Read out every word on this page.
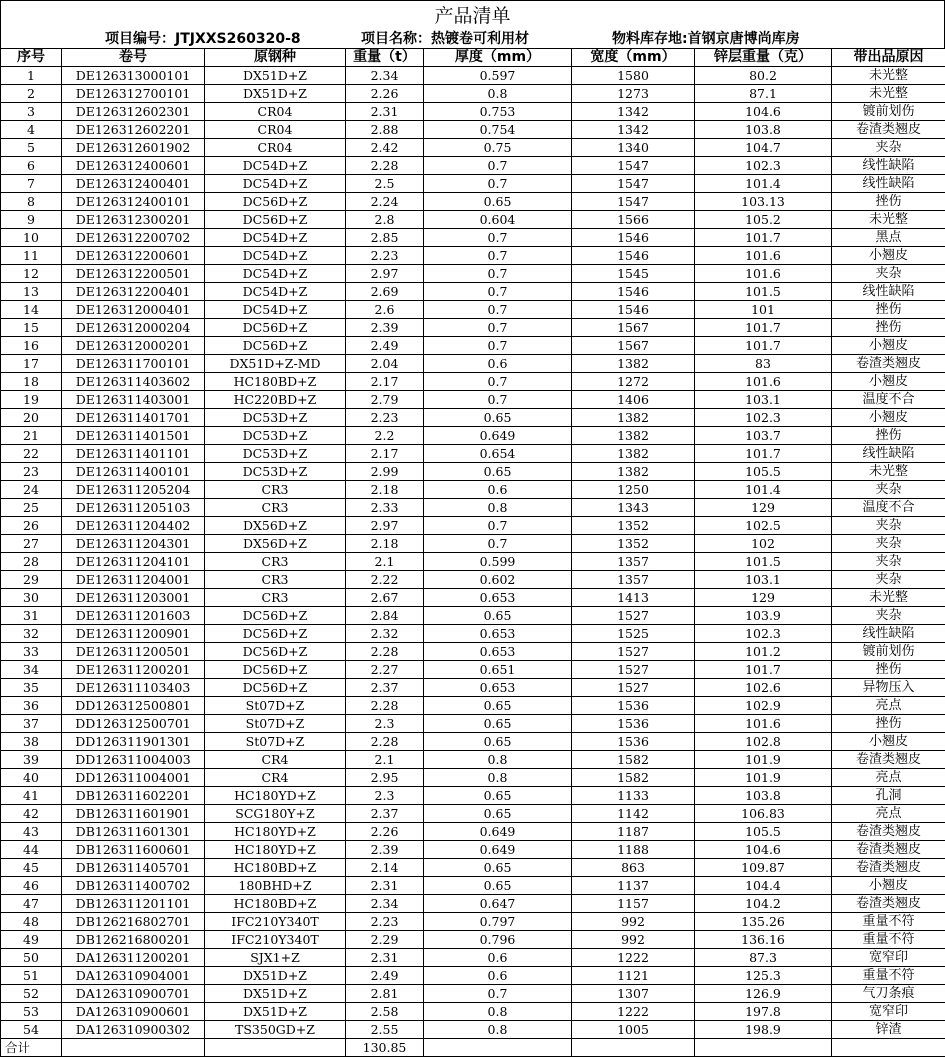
产品清单
项目编号：JTJXXS260320-8	项目名称：热镀卷可利用材	物料库存地:首钢京唐博尚库房
序号	卷号	原钢种	重量（t）	厚度（mm）	宽度（mm）	锌层重量（克）	带出品原因
1	DE126313000101	DX51D+Z	2.34	0.597	1580	80.2	未光整
2	DE126312700101	DX51D+Z	2.26	0.8	1273	87.1	未光整
3	DE126312602301	CR04	2.31	0.753	1342	104.6	镀前划伤
4	DE126312602201	CR04	2.88	0.754	1342	103.8	卷渣类翘皮
5	DE126312601902	CR04	2.42	0.75	1340	104.7	夹杂
6	DE126312400601	DC54D+Z	2.28	0.7	1547	102.3	线性缺陷
7	DE126312400401	DC54D+Z	2.5	0.7	1547	101.4	线性缺陷
8	DE126312400101	DC56D+Z	2.24	0.65	1547	103.13	挫伤
9	DE126312300201	DC56D+Z	2.8	0.604	1566	105.2	未光整
10	DE126312200702	DC54D+Z	2.85	0.7	1546	101.7	黑点
11	DE126312200601	DC54D+Z	2.23	0.7	1546	101.6	小翘皮
12	DE126312200501	DC54D+Z	2.97	0.7	1545	101.6	夹杂
13	DE126312200401	DC54D+Z	2.69	0.7	1546	101.5	线性缺陷
14	DE126312000401	DC54D+Z	2.6	0.7	1546	101	挫伤
15	DE126312000204	DC56D+Z	2.39	0.7	1567	101.7	挫伤
16	DE126312000201	DC56D+Z	2.49	0.7	1567	101.7	小翘皮
17	DE126311700101	DX51D+Z-MD	2.04	0.6	1382	83	卷渣类翘皮
18	DE126311403602	HC180BD+Z	2.17	0.7	1272	101.6	小翘皮
19	DE126311403001	HC220BD+Z	2.79	0.7	1406	103.1	温度不合
20	DE126311401701	DC53D+Z	2.23	0.65	1382	102.3	小翘皮
21	DE126311401501	DC53D+Z	2.2	0.649	1382	103.7	挫伤
22	DE126311401101	DC53D+Z	2.17	0.654	1382	101.7	线性缺陷
23	DE126311400101	DC53D+Z	2.99	0.65	1382	105.5	未光整
24	DE126311205204	CR3	2.18	0.6	1250	101.4	夹杂
25	DE126311205103	CR3	2.33	0.8	1343	129	温度不合
26	DE126311204402	DX56D+Z	2.97	0.7	1352	102.5	夹杂
27	DE126311204301	DX56D+Z	2.18	0.7	1352	102	夹杂
28	DE126311204101	CR3	2.1	0.599	1357	101.5	夹杂
29	DE126311204001	CR3	2.22	0.602	1357	103.1	夹杂
30	DE126311203001	CR3	2.67	0.653	1413	129	未光整
31	DE126311201603	DC56D+Z	2.84	0.65	1527	103.9	夹杂
32	DE126311200901	DC56D+Z	2.32	0.653	1525	102.3	线性缺陷
33	DE126311200501	DC56D+Z	2.28	0.653	1527	101.2	镀前划伤
34	DE126311200201	DC56D+Z	2.27	0.651	1527	101.7	挫伤
35	DE126311103403	DC56D+Z	2.37	0.653	1527	102.6	异物压入
36	DD126312500801	St07D+Z	2.28	0.65	1536	102.9	亮点
37	DD126312500701	St07D+Z	2.3	0.65	1536	101.6	挫伤
38	DD126311901301	St07D+Z	2.28	0.65	1536	102.8	小翘皮
39	DD126311004003	CR4	2.1	0.8	1582	101.9	卷渣类翘皮
40	DD126311004001	CR4	2.95	0.8	1582	101.9	亮点
41	DB126311602201	HC180YD+Z	2.3	0.65	1133	103.8	孔洞
42	DB126311601901	SCG180Y+Z	2.37	0.65	1142	106.83	亮点
43	DB126311601301	HC180YD+Z	2.26	0.649	1187	105.5	卷渣类翘皮
44	DB126311600601	HC180YD+Z	2.39	0.649	1188	104.6	卷渣类翘皮
45	DB126311405701	HC180BD+Z	2.14	0.65	863	109.87	卷渣类翘皮
46	DB126311400702	180BHD+Z	2.31	0.65	1137	104.4	小翘皮
47	DB126311201101	HC180BD+Z	2.34	0.647	1157	104.2	卷渣类翘皮
48	DB126216802701	IFC210Y340T	2.23	0.797	992	135.26	重量不符
49	DB126216800201	IFC210Y340T	2.29	0.796	992	136.16	重量不符
50	DA126311200201	SJX1+Z	2.31	0.6	1222	87.3	宽窄印
51	DA126310904001	DX51D+Z	2.49	0.6	1121	125.3	重量不符
52	DA126310900701	DX51D+Z	2.81	0.7	1307	126.9	气刀条痕
53	DA126310900601	DX51D+Z	2.58	0.8	1222	197.8	宽窄印
54	DA126310900302	TS350GD+Z	2.55	0.8	1005	198.9	锌渣
合计			130.85				
